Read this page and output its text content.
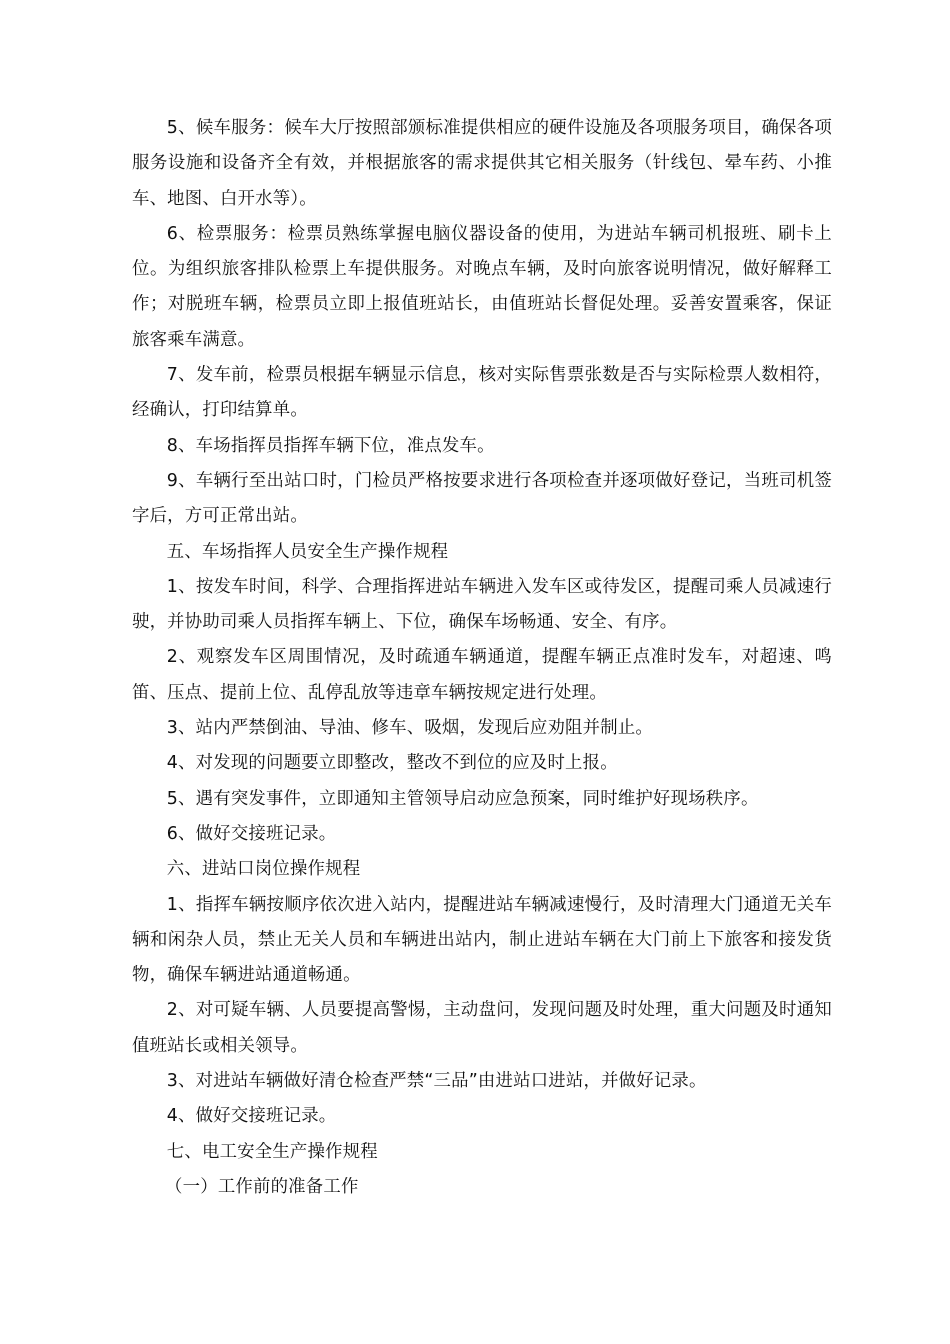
5、候车服务：候车大厅按照部颁标准提供相应的硬件设施及各项服务项目，确保各项服务设施和设备齐全有效，并根据旅客的需求提供其它相关服务（针线包、晕车药、小推车、地图、白开水等）。

6、检票服务：检票员熟练掌握电脑仪器设备的使用，为进站车辆司机报班、刷卡上位。为组织旅客排队检票上车提供服务。对晚点车辆，及时向旅客说明情况，做好解释工作；对脱班车辆，检票员立即上报值班站长，由值班站长督促处理。妥善安置乘客，保证旅客乘车满意。

7、发车前，检票员根据车辆显示信息，核对实际售票张数是否与实际检票人数相符，经确认，打印结算单。

8、车场指挥员指挥车辆下位，准点发车。

9、车辆行至出站口时，门检员严格按要求进行各项检查并逐项做好登记，当班司机签字后，方可正常出站。

五、车场指挥人员安全生产操作规程

1、按发车时间，科学、合理指挥进站车辆进入发车区或待发区，提醒司乘人员减速行驶，并协助司乘人员指挥车辆上、下位，确保车场畅通、安全、有序。

2、观察发车区周围情况，及时疏通车辆通道，提醒车辆正点准时发车，对超速、鸣笛、压点、提前上位、乱停乱放等违章车辆按规定进行处理。

3、站内严禁倒油、导油、修车、吸烟，发现后应劝阻并制止。

4、对发现的问题要立即整改，整改不到位的应及时上报。

5、遇有突发事件，立即通知主管领导启动应急预案，同时维护好现场秩序。

6、做好交接班记录。

六、进站口岗位操作规程

1、指挥车辆按顺序依次进入站内，提醒进站车辆减速慢行，及时清理大门通道无关车辆和闲杂人员，禁止无关人员和车辆进出站内，制止进站车辆在大门前上下旅客和接发货物，确保车辆进站通道畅通。

2、对可疑车辆、人员要提高警惕，主动盘问，发现问题及时处理，重大问题及时通知值班站长或相关领导。

3、对进站车辆做好清仓检查严禁“三品”由进站口进站，并做好记录。

4、做好交接班记录。

七、电工安全生产操作规程

（一）工作前的准备工作
